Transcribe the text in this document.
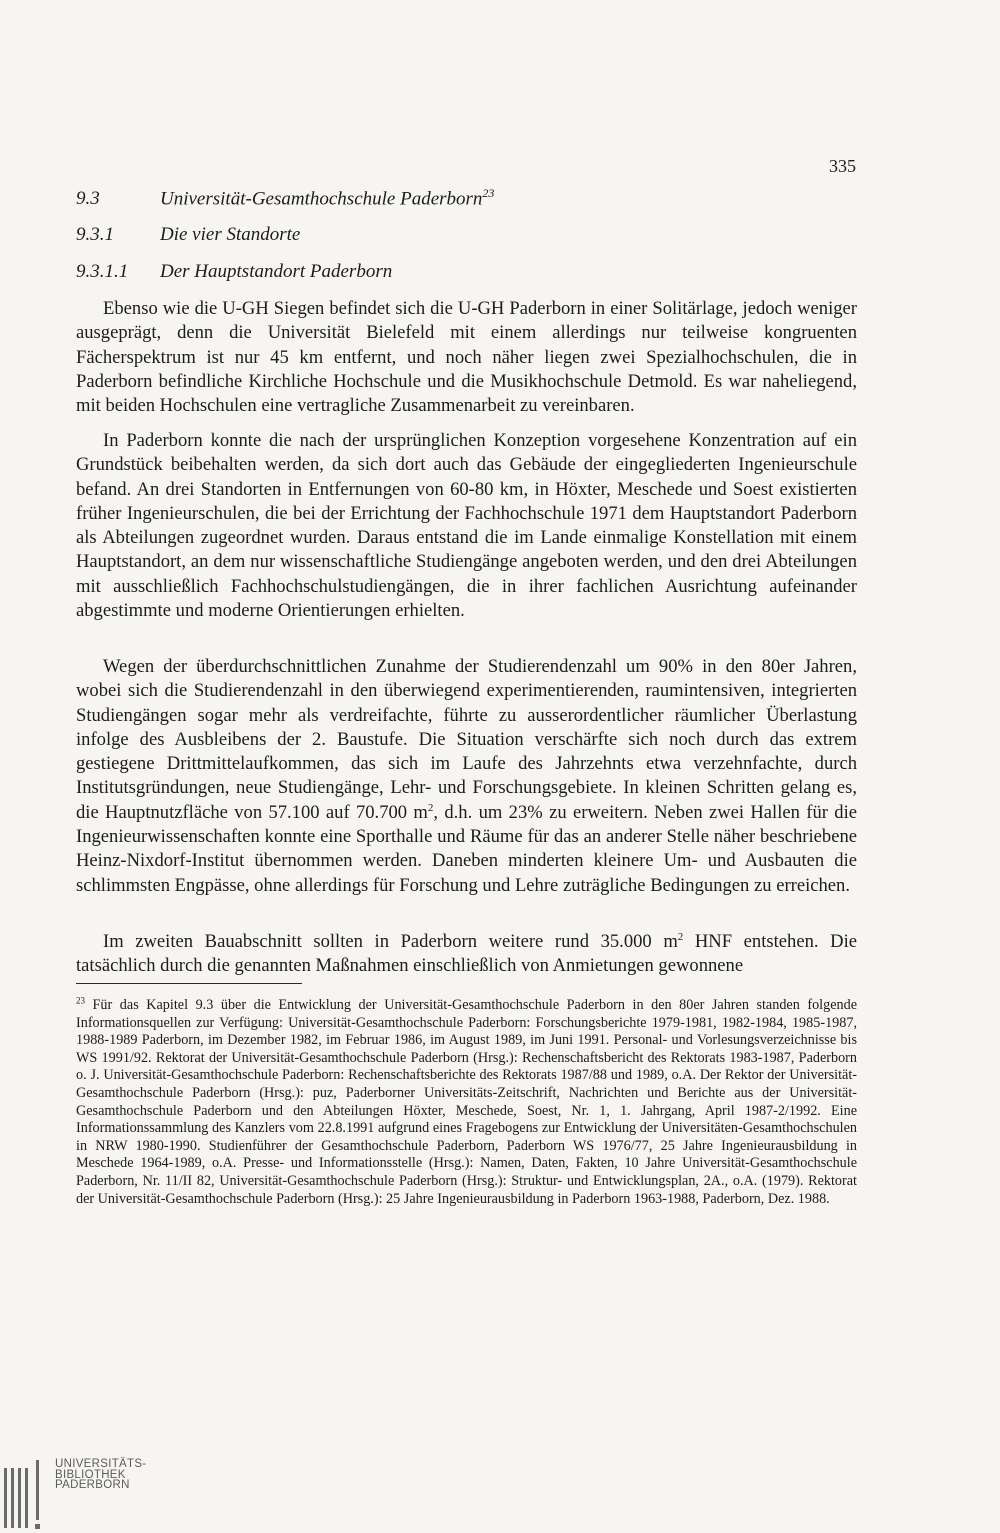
335
9.3	Universität-Gesamthochschule Paderborn$^{23}$
9.3.1 Die vier Standorte
9.3.1.1 Der Hauptstandort Paderborn

Ebenso wie die U-GH Siegen befindet sich die U-GH Paderborn in einer Solitärlage, jedoch weniger ausgeprägt, denn die Universität Bielefeld mit einem allerdings nur teilweise kongruenten Fächerspektrum ist nur 45 km entfernt, und noch näher liegen zwei Spezialhochschulen, die in Paderborn befindliche Kirchliche Hochschule und die Musikhochschule Detmold. Es war naheliegend, mit beiden Hochschulen eine vertragliche Zusammenarbeit zu vereinbaren.

In Paderborn konnte die nach der ursprünglichen Konzeption vorgesehene Konzentration auf ein Grundstück beibehalten werden, da sich dort auch das Gebäude der eingegliederten Ingenieurschule befand. An drei Standorten in Entfernungen von 60-80 km, in Höxter, Meschede und Soest existierten früher Ingenieurschulen, die bei der Errichtung der Fachhochschule 1971 dem Hauptstandort Paderborn als Abteilungen zugeordnet wurden. Daraus entstand die im Lande einmalige Konstellation mit einem Hauptstandort, an dem nur wissenschaftliche Studiengänge angeboten werden, und den drei Abteilungen mit ausschließlich Fachhochschulstudiengängen, die in ihrer fachlichen Ausrichtung aufeinander abgestimmte und moderne Orientierungen erhielten.

Wegen der überdurchschnittlichen Zunahme der Studierendenzahl um 90% in den 80er Jahren, wobei sich die Studierendenzahl in den überwiegend experimentierenden, raumintensiven, integrierten Studiengängen sogar mehr als verdreifachte, führte zu ausserordentlicher räumlicher Überlastung infolge des Ausbleibens der 2. Baustufe. Die Situation verschärfte sich noch durch das extrem gestiegene Drittmittelaufkommen, das sich im Laufe des Jahrzehnts etwa verzehnfachte, durch Institutsgründungen, neue Studiengänge, Lehr- und Forschungsgebiete. In kleinen Schritten gelang es, die Hauptnutzfläche von 57.100 auf 70.700 $m^2$, d.h. um 23% zu erweitern. Neben zwei Hallen für die Ingenieurwissenschaften konnte eine Sporthalle und Räume für das an anderer Stelle näher beschriebene Heinz-Nixdorf-Institut übernommen werden. Daneben minderten kleinere Um- und Ausbauten die schlimmsten Engpässe, ohne allerdings für Forschung und Lehre zuträgliche Bedingungen zu erreichen.

Im zweiten Bauabschnitt sollten in Paderborn weitere rund 35.000 $m^2$ HNF entstehen. Die tatsächlich durch die genannten Maßnahmen einschließlich von Anmietungen gewonnene

$^{23}$ Für das Kapitel 9.3 über die Entwicklung der Universität-Gesamthochschule Paderborn in den 80er Jahren standen folgende Informationsquellen zur Verfügung: Universität-Gesamthochschule Paderborn: Forschungsberichte 1979-1981, 1982-1984, 1985-1987, 1988-1989 Paderborn, im Dezember 1982, im Februar 1986, im August 1989, im Juni 1991. Personal- und Vorlesungsverzeichnisse bis WS 1991/92. Rektorat der Universität-Gesamthochschule Paderborn (Hrsg.): Rechenschaftsbericht des Rektorats 1983-1987, Paderborn o. J. Universität-Gesamthochschule Paderborn: Rechenschaftsberichte des Rektorats 1987/88 und 1989, o.A. Der Rektor der Universität-Gesamthochschule Paderborn (Hrsg.): puz, Paderborner Universitäts-Zeitschrift, Nachrichten und Berichte aus der Universität-Gesamthochschule Paderborn und den Abteilungen Höxter, Meschede, Soest, Nr. 1, 1. Jahrgang, April 1987-2/1992. Eine Informationssammlung des Kanzlers vom 22.8.1991 aufgrund eines Fragebogens zur Entwicklung der Universitäten-Gesamthochschulen in NRW 1980-1990. Studienführer der Gesamthochschule Paderborn, Paderborn WS 1976/77, 25 Jahre Ingenieurausbildung in Meschede 1964-1989, o.A. Presse- und Informationsstelle (Hrsg.): Namen, Daten, Fakten, 10 Jahre Universität-Gesamthochschule Paderborn, Nr. 11/II 82, Universität-Gesamthochschule Paderborn (Hrsg.): Struktur- und Entwicklungsplan, 2A., o.A. (1979). Rektorat der Universität-Gesamthochschule Paderborn (Hrsg.): 25 Jahre Ingenieurausbildung in Paderborn 1963-1988, Paderborn, Dez. 1988.

UNIVERSITÄTS-
BIBLIOTHEK
PADERBORN
